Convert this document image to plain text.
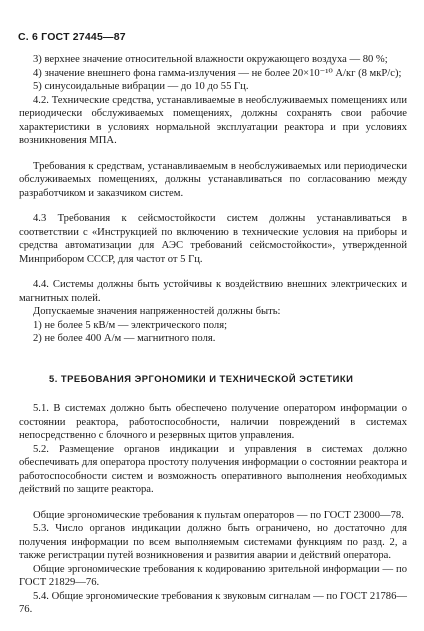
С. 6 ГОСТ 27445—87

3) верхнее значение относительной влажности окружающего воздуха — 80 %;

4) значение внешнего фона гамма-излучения — не более 20×10⁻¹⁰ А/кг (8 мкР/с);

5) синусоидальные вибрации — до 10 до 55 Гц.

4.2. Технические средства, устанавливаемые в необслуживаемых помещениях или периодически обслуживаемых помещениях, должны сохранять свои рабочие характеристики в условиях нормальной эксплуатации реактора и при условиях возникновения МПА.

Требования к средствам, устанавливаемым в необслуживаемых или периодически обслуживаемых помещениях, должны устанавливаться по согласованию между разработчиком и заказчиком систем.

4.3 Требования к сейсмостойкости систем должны устанавливаться в соответствии с «Инструкцией по включению в технические условия на приборы и средства автоматизации для АЭС требований сейсмостойкости», утвержденной Минприбором СССР, для частот от 5 Гц.

4.4. Системы должны быть устойчивы к воздействию внешних электрических и магнитных полей.

Допускаемые значения напряженностей должны быть:

1) не более 5 кВ/м — электрического поля;

2) не более 400 А/м — магнитного поля.

5. ТРЕБОВАНИЯ ЭРГОНОМИКИ И ТЕХНИЧЕСКОЙ ЭСТЕТИКИ

5.1. В системах должно быть обеспечено получение оператором информации о состоянии реактора, работоспособности, наличии повреждений в системах непосредственно с блочного и резервных щитов управления.

5.2. Размещение органов индикации и управления в системах должно обеспечивать для оператора простоту получения информации о состоянии реактора и работоспособности систем и возможность оперативного выполнения необходимых действий по защите реактора.

Общие эргономические требования к пультам операторов — по ГОСТ 23000—78.

5.3. Число органов индикации должно быть ограничено, но достаточно для получения информации по всем выполняемым системами функциям по разд. 2, а также регистрации путей возникновения и развития аварии и действий оператора.

Общие эргономические требования к кодированию зрительной информации — по ГОСТ 21829—76.

5.4. Общие эргономические требования к звуковым сигналам — по ГОСТ 21786—76.
